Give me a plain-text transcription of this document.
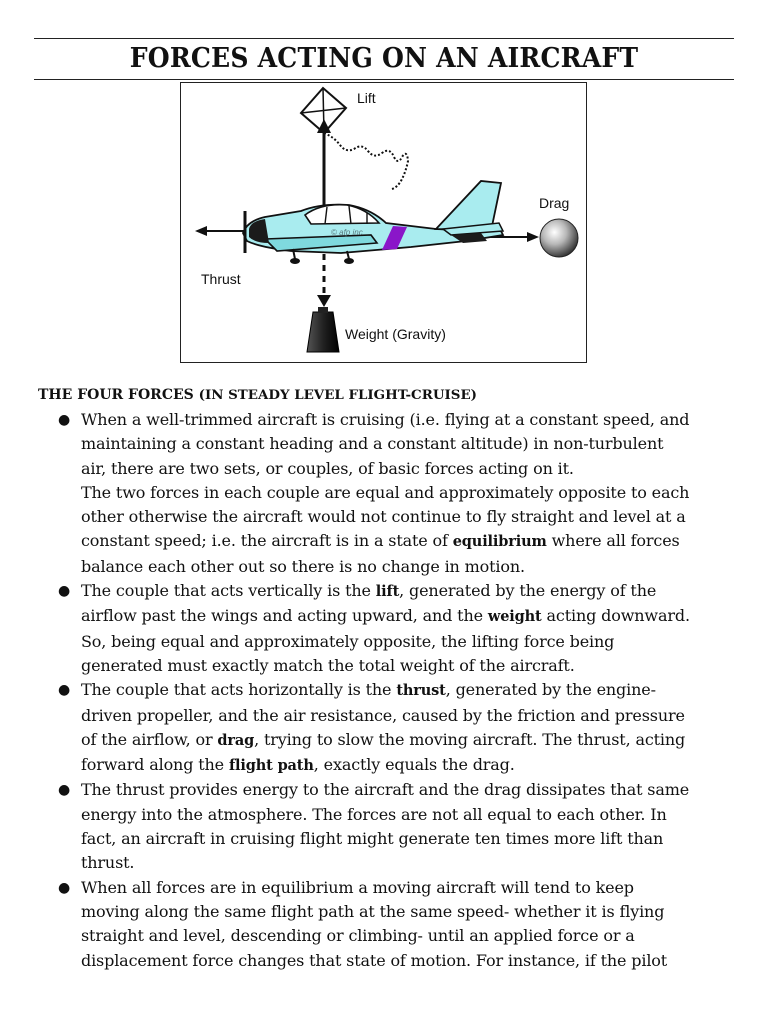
FORCES ACTING ON AN AIRCRAFT
Lift
Weight (Gravity)
Thrust
Drag
© afp inc
THE FOUR FORCES (IN STEADY LEVEL FLIGHT-CRUISE)
● When a well-trimmed aircraft is cruising (i.e. flying at a constant speed, and
maintaining a constant heading and a constant altitude) in non-turbulent
air, there are two sets, or couples, of basic forces acting on it.
The two forces in each couple are equal and approximately opposite to each
other otherwise the aircraft would not continue to fly straight and level at a
constant speed; i.e. the aircraft is in a state of equilibrium where all forces
balance each other out so there is no change in motion.
● The couple that acts vertically is the lift, generated by the energy of the
airflow past the wings and acting upward, and the weight acting downward.
So, being equal and approximately opposite, the lifting force being
generated must exactly match the total weight of the aircraft.
● The couple that acts horizontally is the thrust, generated by the engine-
driven propeller, and the air resistance, caused by the friction and pressure
of the airflow, or drag, trying to slow the moving aircraft. The thrust, acting
forward along the flight path, exactly equals the drag.
● The thrust provides energy to the aircraft and the drag dissipates that same
energy into the atmosphere. The forces are not all equal to each other. In
fact, an aircraft in cruising flight might generate ten times more lift than
thrust.
● When all forces are in equilibrium a moving aircraft will tend to keep
moving along the same flight path at the same speed- whether it is flying
straight and level, descending or climbing- until an applied force or a
displacement force changes that state of motion. For instance, if the pilot
